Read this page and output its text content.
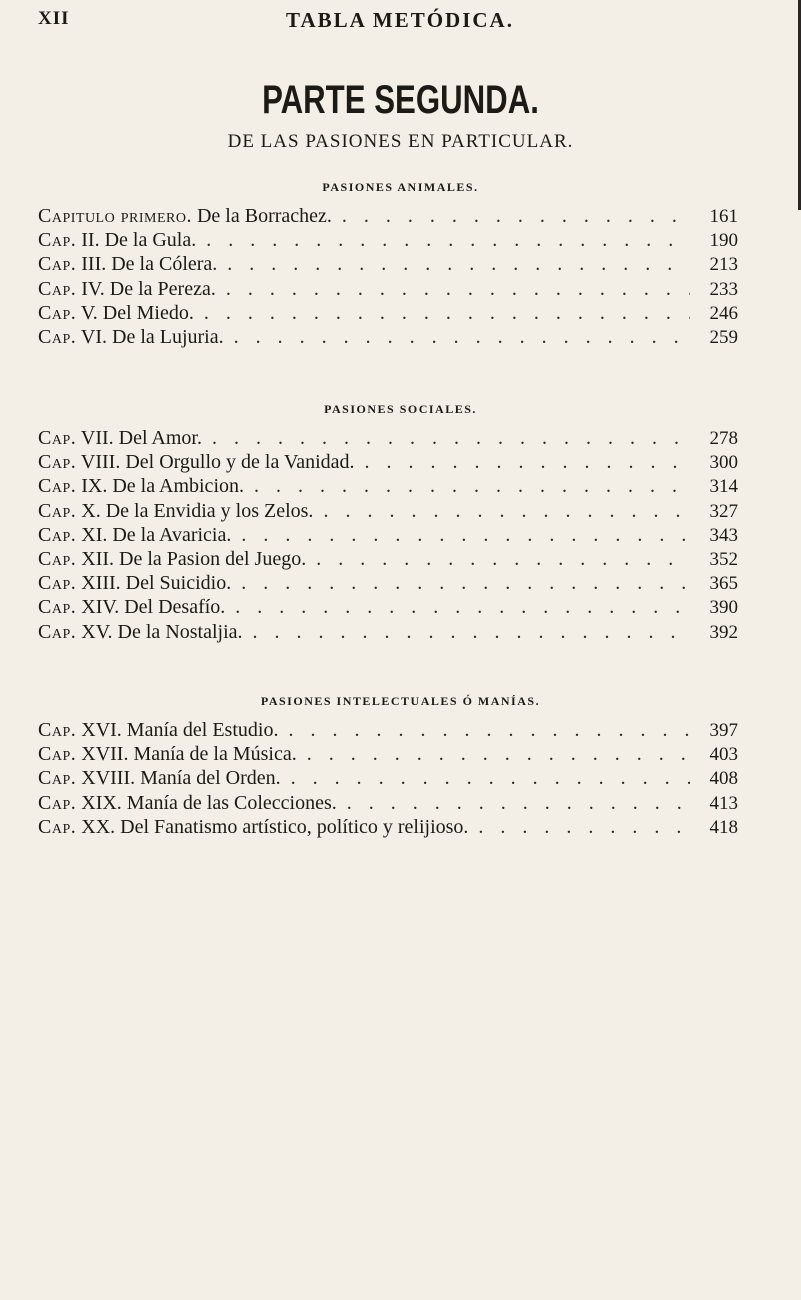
XII	TABLA METÓDICA.
PARTE SEGUNDA.
DE LAS PASIONES EN PARTICULAR.
PASIONES ANIMALES.
Capitulo primero. De la Borrachez. . . .	161
Cap. II. De la Gula. . . .	190
Cap. III. De la Cólera. . . .	213
Cap. IV. De la Pereza. . . .	233
Cap. V. Del Miedo. . . .	246
Cap. VI. De la Lujuria. . . .	259
PASIONES SOCIALES.
Cap. VII. Del Amor. . . .	278
Cap. VIII. Del Orgullo y de la Vanidad. . . .	300
Cap. IX. De la Ambicion. . . .	314
Cap. X. De la Envidia y los Zelos. . . .	327
Cap. XI. De la Avaricia. . . .	343
Cap. XII. De la Pasion del Juego. . . .	352
Cap. XIII. Del Suicidio. . . .	365
Cap. XIV. Del Desafío. . . .	390
Cap. XV. De la Nostaljia. . . .	392
PASIONES INTELECTUALES Ó MANÍAS.
Cap. XVI. Manía del Estudio. . . .	397
Cap. XVII. Manía de la Música. . . .	403
Cap. XVIII. Manía del Orden. . . .	408
Cap. XIX. Manía de las Colecciones. . . .	413
Cap. XX. Del Fanatismo artístico, político y relijioso. . . .	418
